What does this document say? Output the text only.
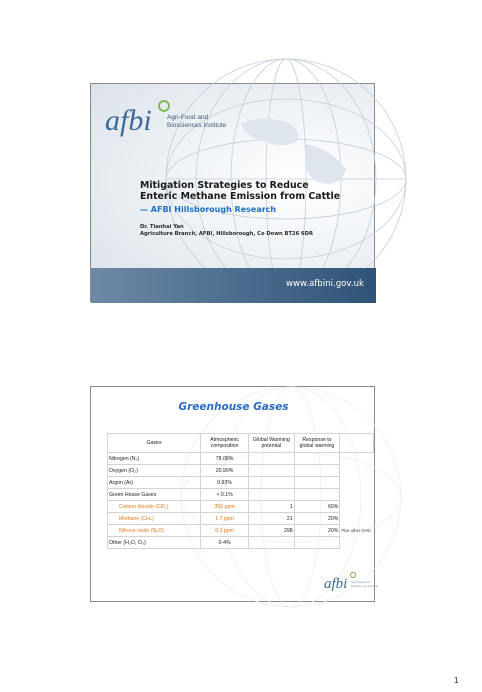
afbi Agri-Food and
Biosciences Institute
Mitigation Strategies to Reduce
Enteric Methane Emission from Cattle
— AFBI Hillsborough Research
Dr. Tianhai Yan
Agriculture Branch, AFBI, Hillsborough, Co Down BT26 6DR
www.afbini.gov.uk
Greenhouse Gases
Gases	Atmospheric composition	Global Warming potential	Response to global warming	
Nitrogen (N₂)	78.08%			
Oxygen (O₂)	20.90%			
Argon (Ar)	0.93%			
Green House Gases	< 0.1%			
Carbon dioxide (CO₂)	350 ppm	1	60%	
Methane (CH₄)	1.7 ppm	21	20%	
Nitrous oxide (N₂O)	0.3 ppm	298	20%	Plus other GHG
Other (H₂O, O₃)	0-4%			
afbi Agri-Food and
Biosciences Institute
1
